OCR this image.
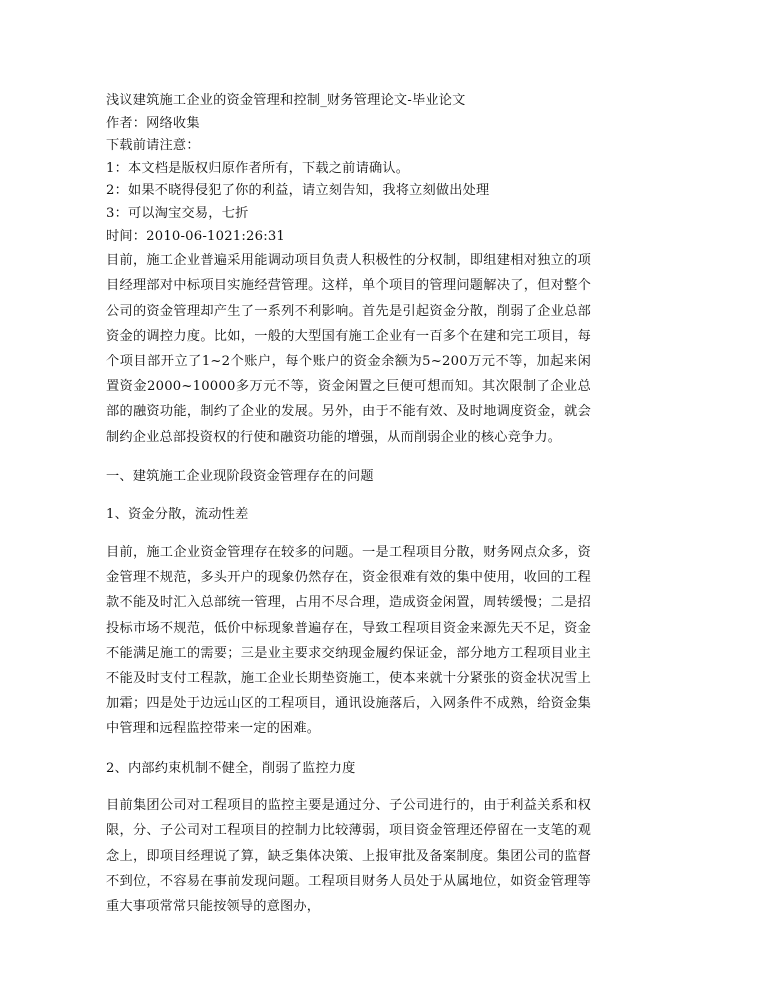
浅议建筑施工企业的资金管理和控制_财务管理论文-毕业论文
作者：网络收集
下载前请注意：
1：本文档是版权归原作者所有，下载之前请确认。
2：如果不晓得侵犯了你的利益，请立刻告知，我将立刻做出处理
3：可以淘宝交易，七折
时间：2010-06-1021:26:31

目前，施工企业普遍采用能调动项目负责人积极性的分权制，即组建相对独立的项目经理部对中标项目实施经营管理。这样，单个项目的管理问题解决了，但对整个公司的资金管理却产生了一系列不利影响。首先是引起资金分散，削弱了企业总部资金的调控力度。比如，一般的大型国有施工企业有一百多个在建和完工项目，每个项目部开立了1~2个账户，每个账户的资金余额为5~200万元不等，加起来闲置资金2000~10000多万元不等，资金闲置之巨便可想而知。其次限制了企业总部的融资功能，制约了企业的发展。另外，由于不能有效、及时地调度资金，就会制约企业总部投资权的行使和融资功能的增强，从而削弱企业的核心竞争力。

一、建筑施工企业现阶段资金管理存在的问题
1、资金分散，流动性差

目前，施工企业资金管理存在较多的问题。一是工程项目分散，财务网点众多，资金管理不规范，多头开户的现象仍然存在，资金很难有效的集中使用，收回的工程款不能及时汇入总部统一管理，占用不尽合理，造成资金闲置，周转缓慢；二是招投标市场不规范，低价中标现象普遍存在，导致工程项目资金来源先天不足，资金不能满足施工的需要；三是业主要求交纳现金履约保证金，部分地方工程项目业主不能及时支付工程款，施工企业长期垫资施工，使本来就十分紧张的资金状况雪上加霜；四是处于边远山区的工程项目，通讯设施落后，入网条件不成熟，给资金集中管理和远程监控带来一定的困难。

2、内部约束机制不健全，削弱了监控力度

目前集团公司对工程项目的监控主要是通过分、子公司进行的，由于利益关系和权限，分、子公司对工程项目的控制力比较薄弱，项目资金管理还停留在一支笔的观念上，即项目经理说了算，缺乏集体决策、上报审批及备案制度。集团公司的监督不到位，不容易在事前发现问题。工程项目财务人员处于从属地位，如资金管理等重大事项常常只能按领导的意图办，
